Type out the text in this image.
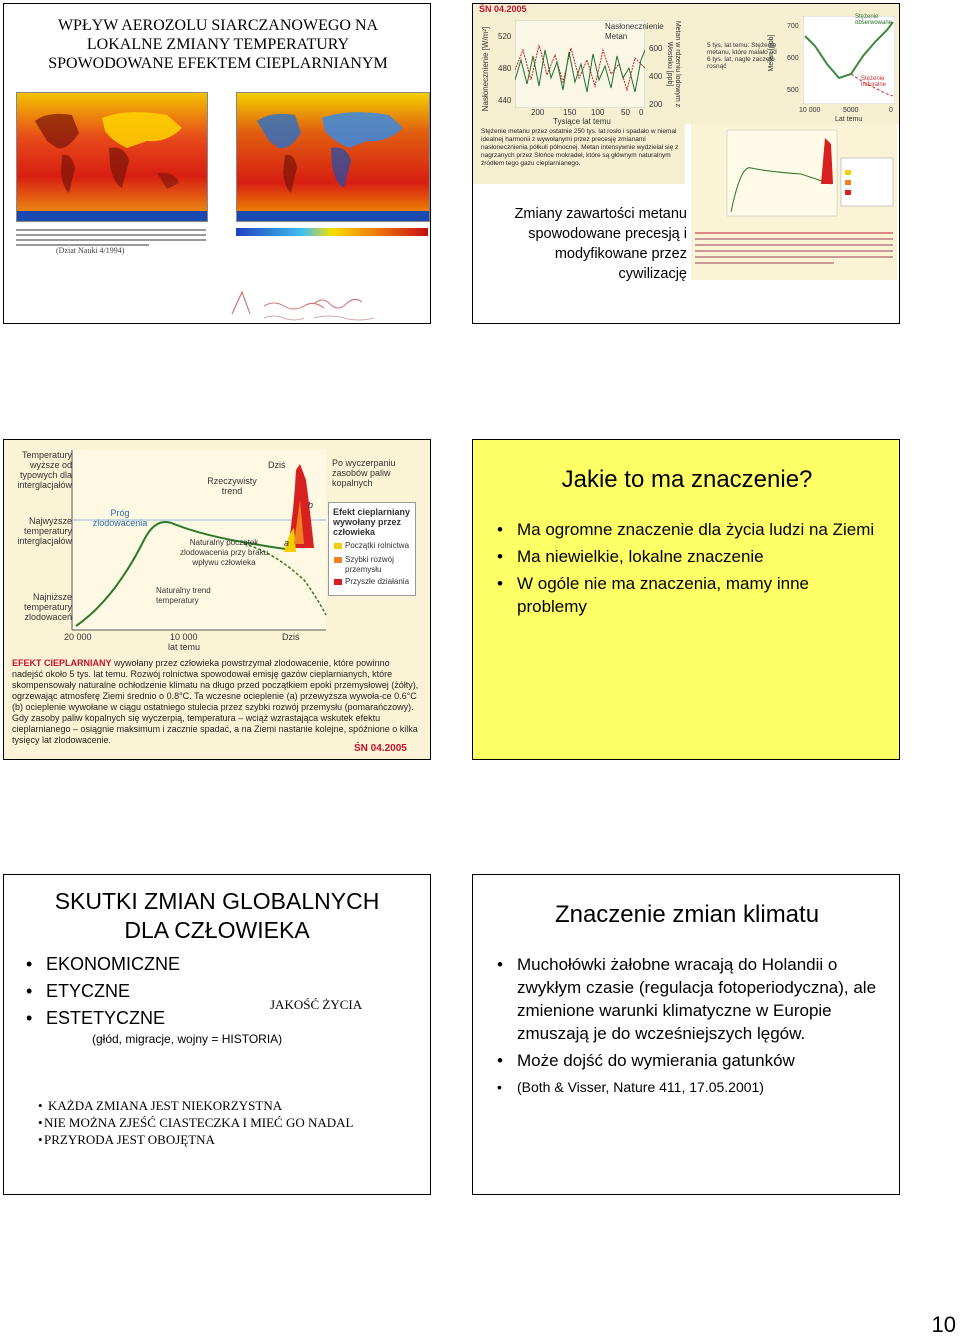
WPŁYW AEROZOLU SIARCZANOWEGO NA LOKALNE ZMIANY TEMPERATURY SPOWODOWANE EFEKTEM CIEPLARNIANYM
(Dziat Nauki 4/1994)
ŚN 04.2005
Nasłonecznienie [W/m²] 520
480
440
Nasłonecznienie
Metan
600
400
200	Metan w rdzeniu lodowym z Wostoku [ppb]
200 150 100 50 0
Tysiące lat temu
Stężenie metanu przez ostatnie 250 tys. lat rosło i spadało w niemal idealnej harmonii z wywołanymi przez precesję zmianami nasłonecznienia półkuli północnej. Metan intensywnie wydzielał się z nagrzanych przez Słońce mokradeł, które są głównym naturalnym źródłem tego gazu cieplarnianego.
5 tys. lat temu: Stężenie metanu, które malało od 6 tys. lat, nagle zaczęło rosnąć	Metan [ppb]
700
600
500
Stężenie obserwowane
Stężenie naturalne
10 000	5000	0
Lat temu
Zmiany zawartości metanu spowodowane precesją i modyfikowane przez cywilizację
Temperatury wyższe od typowych dla interglacjałów
Najwyższe temperatury interglacjałów
Najniższe temperatury zlodowaceń
Próg zlodowacenia
Rzeczywisty trend
Dziś
Naturalny początek zlodowacenia przy braku wpływu człowieka
Naturalny trend temperatury
a
b
Po wyczerpaniu zasobów paliw kopalnych
Efekt cieplarniany wywołany przez człowieka
Początki rolnictwa
Szybki rozwój przemysłu
Przyszłe działania
20 000	10 000	Dziś
lat temu
EFEKT CIEPLARNIANY wywołany przez człowieka powstrzymał zlodowacenie, które powinno nadejść około 5 tys. lat temu. Rozwój rolnictwa spowodował emisję gazów cieplarnianych, które skompensowały naturalne ochłodzenie klimatu na długo przed początkiem epoki przemysłowej (żółty), ogrzewając atmosferę Ziemi średnio o 0.8°C. Ta wczesne ocieplenie (a) przewyższa wywoła-ce 0.6°C (b) ocieplenie wywołane w ciągu ostatniego stulecia przez szybki rozwój przemysłu (pomarańczowy). Gdy zasoby paliw kopalnych się wyczerpią, temperatura – wciąż wzrastająca wskutek efektu cieplarnianego – osiągnie maksimum i zacznie spadać, a na Ziemi nastanie kolejne, spóźnione o kilka tysięcy lat zlodowacenie.
ŚN 04.2005
Jakie to ma znaczenie?
• Ma ogromne znaczenie dla życia ludzi na Ziemi
• Ma niewielkie, lokalne znaczenie
• W ogóle nie ma znaczenia, mamy inne problemy
SKUTKI ZMIAN GLOBALNYCH DLA CZŁOWIEKA
• EKONOMICZNE
• ETYCZNE
• ESTETYCZNE
JAKOŚĆ ŻYCIA
(głód, migracje, wojny = HISTORIA)
• KAŻDA ZMIANA JEST NIEKORZYSTNA
• NIE MOŻNA ZJEŚĆ CIASTECZKA I MIEĆ GO NADAL
• PRZYRODA JEST OBOJĘTNA
Znaczenie zmian klimatu
• Muchołówki żałobne wracają do Holandii o zwykłym czasie (regulacja fotoperiodyczna), ale zmienione warunki klimatyczne w Europie zmuszają je do wcześniejszych lęgów.
• Może dojść do wymierania gatunków
• (Both & Visser, Nature 411, 17.05.2001)
10
